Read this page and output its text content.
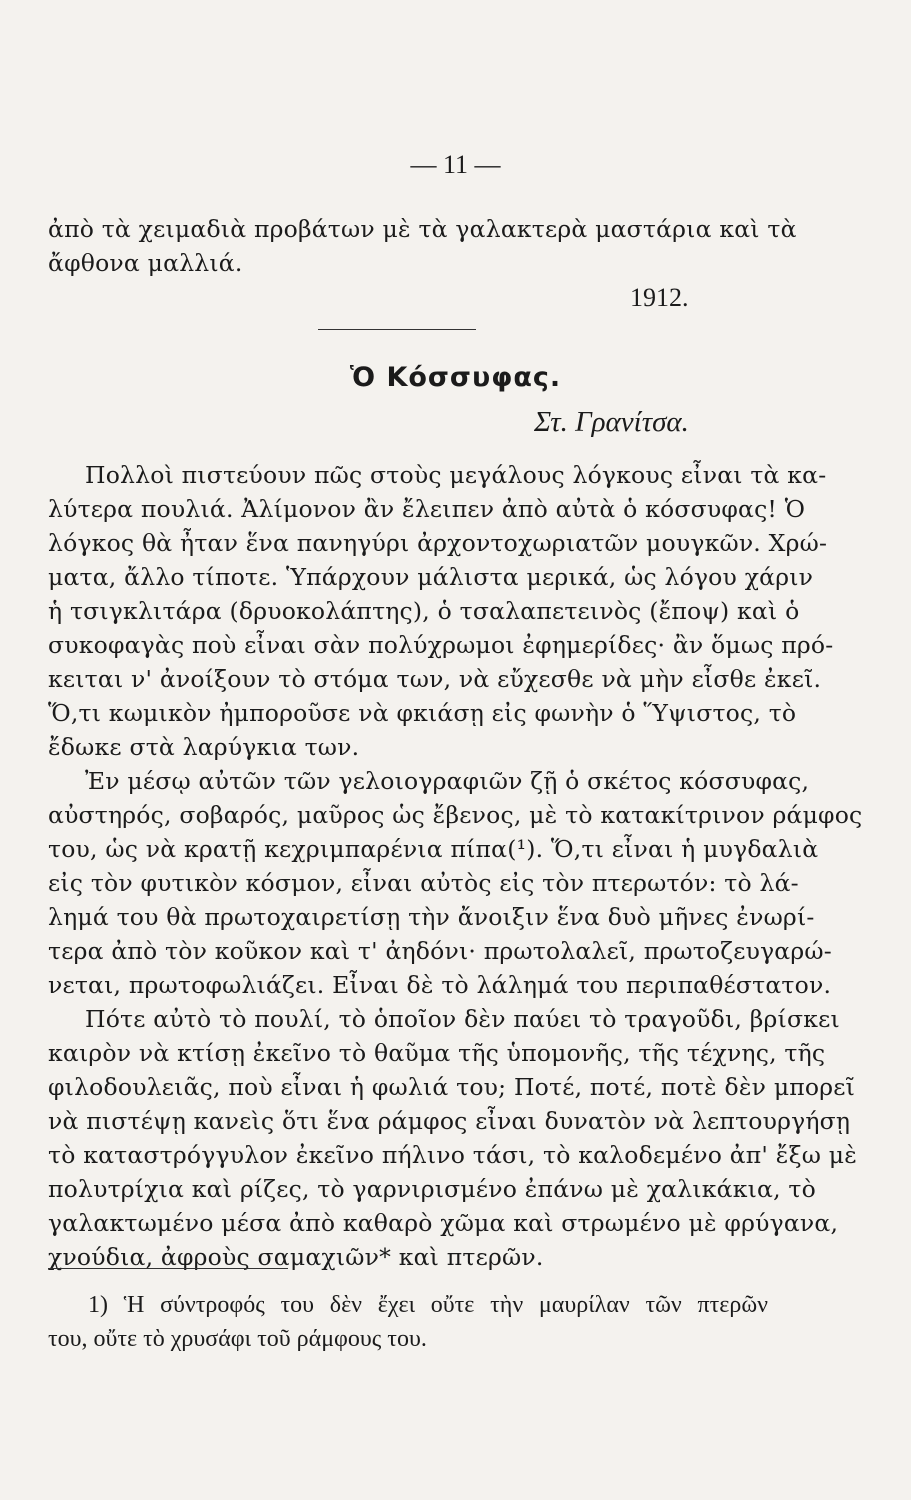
— 11 —
ἀπὸ τὰ χειμαδιὰ προβάτων μὲ τὰ γαλακτερὰ μαστάρια καὶ τὰ
ἄφθονα μαλλιά.
1912.
Ὁ Κόσσυφας.
Στ. Γρανίτσα.
Πολλοὶ πιστεύουν πῶς στοὺς μεγάλους λόγκους εἶναι τὰ κα-
λύτερα πουλιά. Ἀλίμονον ἂν ἔλειπεν ἀπὸ αὐτὰ ὁ κόσσυφας! Ὁ
λόγκος θὰ ἦταν ἕνα πανηγύρι ἀρχοντοχωριατῶν μουγκῶν. Χρώ-
ματα, ἄλλο τίποτε. Ὑπάρχουν μάλιστα μερικά, ὡς λόγου χάριν
ἡ τσιγκλιτάρα (δρυοκολάπτης), ὁ τσαλαπετεινὸς (ἔποψ) καὶ ὁ
συκοφαγὰς ποὺ εἶναι σὰν πολύχρωμοι ἐφημερίδες· ἂν ὅμως πρό-
κειται ν' ἀνοίξουν τὸ στόμα των, νὰ εὔχεσθε νὰ μὴν εἶσθε ἐκεῖ.
Ὅ,τι κωμικὸν ἠμποροῦσε νὰ φκιάσῃ εἰς φωνὴν ὁ Ὕψιστος, τὸ
ἔδωκε στὰ λαρύγκια των.
Ἐν μέσῳ αὐτῶν τῶν γελοιογραφιῶν ζῇ ὁ σκέτος κόσσυφας,
αὐστηρός, σοβαρός, μαῦρος ὡς ἔβενος, μὲ τὸ κατακίτρινον ράμφος
του, ὡς νὰ κρατῇ κεχριμπαρένια πίπα(¹). Ὅ,τι εἶναι ἡ μυγδαλιὰ
εἰς τὸν φυτικὸν κόσμον, εἶναι αὐτὸς εἰς τὸν πτερωτόν: τὸ λά-
λημά του θὰ πρωτοχαιρετίσῃ τὴν ἄνοιξιν ἕνα δυὸ μῆνες ἐνωρί-
τερα ἀπὸ τὸν κοῦκον καὶ τ' ἀηδόνι· πρωτολαλεῖ, πρωτοζευγαρώ-
νεται, πρωτοφωλιάζει. Εἶναι δὲ τὸ λάλημά του περιπαθέστατον.
Πότε αὐτὸ τὸ πουλί, τὸ ὁποῖον δὲν παύει τὸ τραγοῦδι, βρίσκει
καιρὸν νὰ κτίσῃ ἐκεῖνο τὸ θαῦμα τῆς ὑπομονῆς, τῆς τέχνης, τῆς
φιλοδουλειᾶς, ποὺ εἶναι ἡ φωλιά του; Ποτέ, ποτέ, ποτὲ δὲν μπορεῖ
νὰ πιστέψῃ κανεὶς ὅτι ἕνα ράμφος εἶναι δυνατὸν νὰ λεπτουργήσῃ
τὸ καταστρόγγυλον ἐκεῖνο πήλινο τάσι, τὸ καλοδεμένο ἀπ' ἔξω μὲ
πολυτρίχια καὶ ρίζες, τὸ γαρνιρισμένο ἐπάνω μὲ χαλικάκια, τὸ
γαλακτωμένο μέσα ἀπὸ καθαρὸ χῶμα καὶ στρωμένο μὲ φρύγανα,
χνούδια, ἀφροὺς σαμαχιῶν* καὶ πτερῶν.
1) Ἡ σύντροφός του δὲν ἔχει οὔτε τὴν μαυρίλαν τῶν πτερῶν
του, οὔτε τὸ χρυσάφι τοῦ ράμφους του.
